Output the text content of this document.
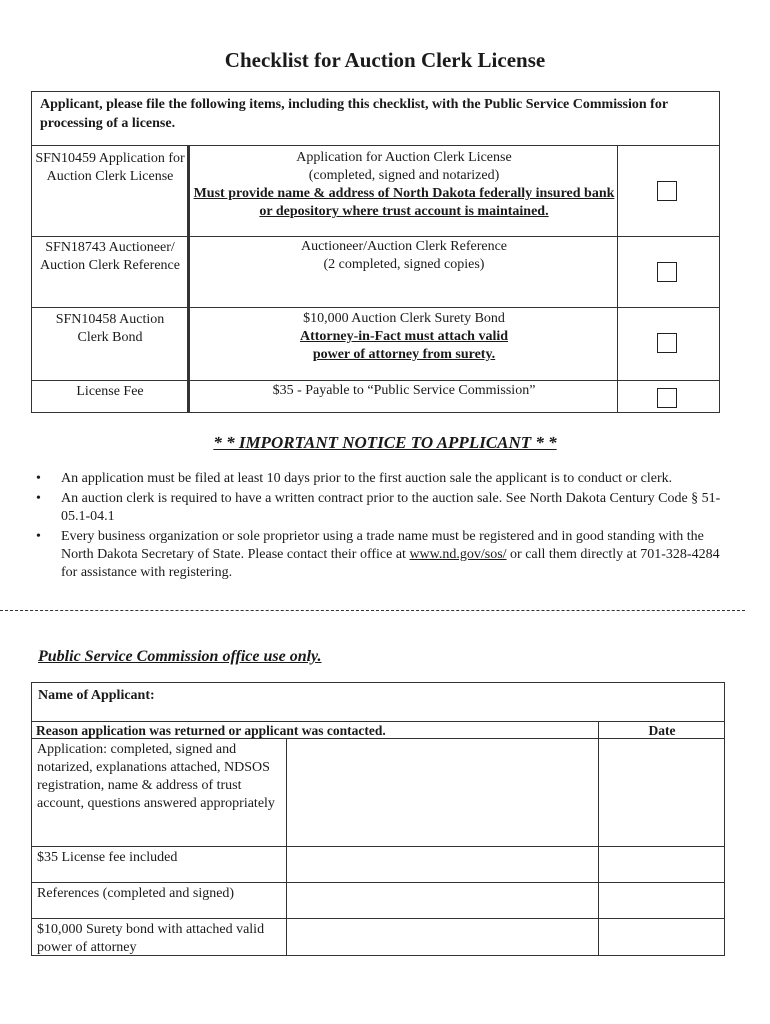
Checklist for Auction Clerk License
Applicant, please file the following items, including this checklist, with the Public Service Commission for processing of a license.
SFN10459 Application for Auction Clerk License
Application for Auction Clerk License
(completed, signed and notarized)
Must provide name & address of North Dakota federally insured bank or depository where trust account is maintained.
SFN18743 Auctioneer/ Auction Clerk Reference
Auctioneer/Auction Clerk Reference
(2 completed, signed copies)
SFN10458 Auction Clerk Bond
$10,000 Auction Clerk Surety Bond
Attorney-in-Fact must attach valid power of attorney from surety.
License Fee	$35 - Payable to “Public Service Commission”
* * IMPORTANT NOTICE TO APPLICANT * *
• An application must be filed at least 10 days prior to the first auction sale the applicant is to conduct or clerk.
• An auction clerk is required to have a written contract prior to the auction sale. See North Dakota Century Code § 51-05.1-04.1
• Every business organization or sole proprietor using a trade name must be registered and in good standing with the North Dakota Secretary of State. Please contact their office at www.nd.gov/sos/ or call them directly at 701-328-4284 for assistance with registering.
Public Service Commission office use only.
Name of Applicant:
Reason application was returned or applicant was contacted.	Date
Application: completed, signed and notarized, explanations attached, NDSOS registration, name & address of trust account, questions answered appropriately
$35 License fee included
References (completed and signed)
$10,000 Surety bond with attached valid power of attorney
